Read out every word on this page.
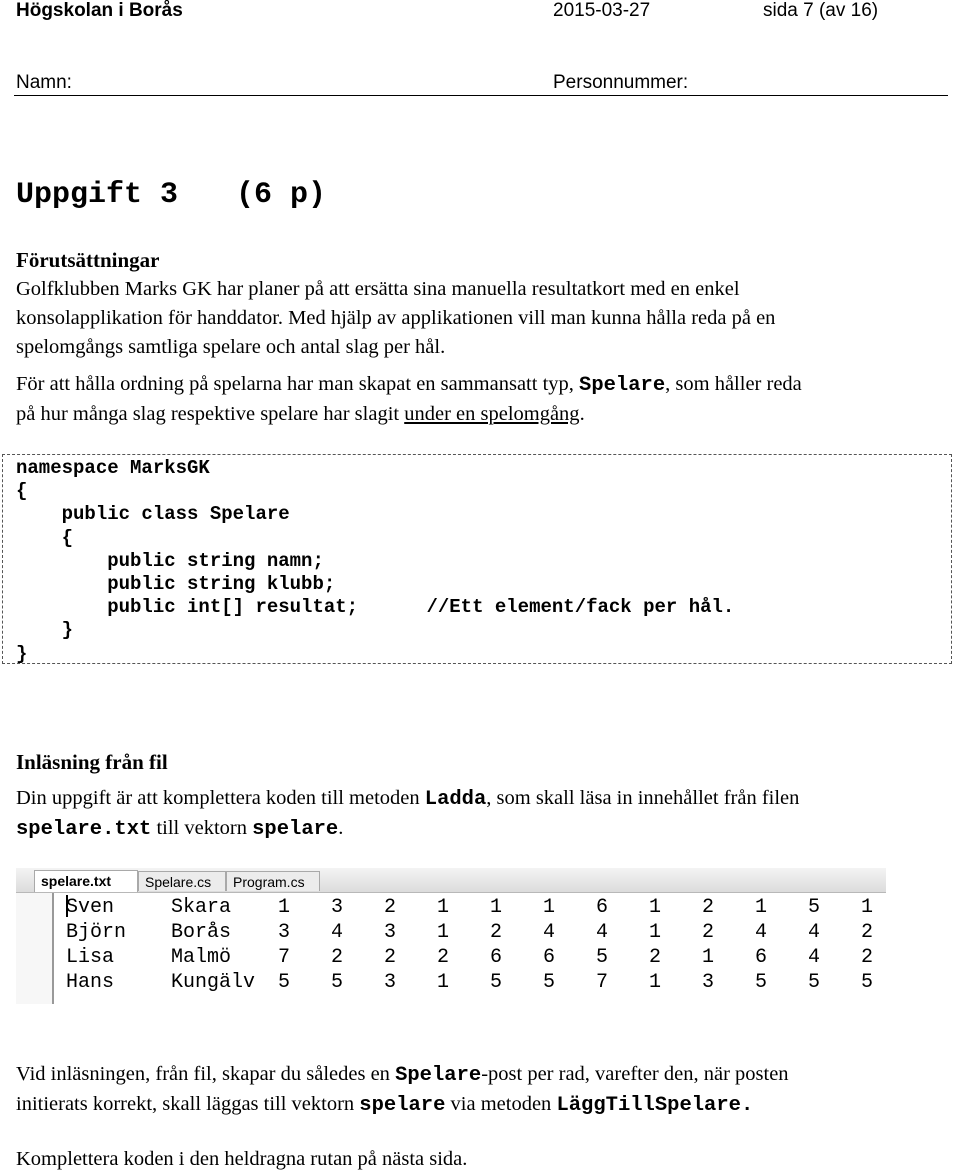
Högskolan i Borås	2015-03-27	sida 7 (av 16)
Namn:	Personnummer:
Uppgift 3 (6 p)
Förutsättningar
Golfklubben Marks GK har planer på att ersätta sina manuella resultatkort med en enkel
konsolapplikation för handdator. Med hjälp av applikationen vill man kunna hålla reda på en
spelomgångs samtliga spelare och antal slag per hål.
För att hålla ordning på spelarna har man skapat en sammansatt typ, Spelare, som håller reda
på hur många slag respektive spelare har slagit under en spelomgång.
namespace MarksGK
{
public class Spelare
{
public string namn;
public string klubb;
public int[] resultat;      //Ett element/fack per hål.
}
}
Inläsning från fil
Din uppgift är att komplettera koden till metoden Ladda, som skall läsa in innehållet från filen
spelare.txt till vektorn spelare.
spelare.txt	Spelare.cs	Program.cs
Sven	Skara 1 3 2 1 1 1 6 1 2 1 5 1
Björn Borås 3 4 3 1 2 4 4 1 2 4 4 2
Lisa	Malmö 7 2 2 2 6 6 5 2 1 6 4 2
Hans	Kungälv 5 5 3 1 5 5 7 1 3 5 5 5
Vid inläsningen, från fil, skapar du således en Spelare-post per rad, varefter den, när posten
initierats korrekt, skall läggas till vektorn spelare via metoden LäggTillSpelare.
Komplettera koden i den heldragna rutan på nästa sida.
